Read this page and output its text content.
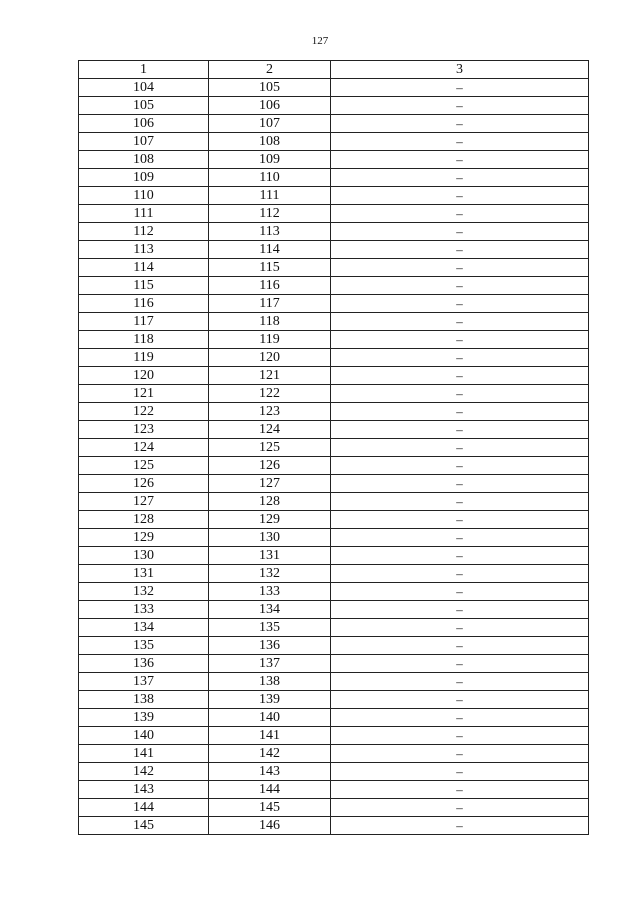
127
1	2	3
104	105	–
105	106	–
106	107	–
107	108	–
108	109	–
109	110	–
110	111	–
111	112	–
112	113	–
113	114	–
114	115	–
115	116	–
116	117	–
117	118	–
118	119	–
119	120	–
120	121	–
121	122	–
122	123	–
123	124	–
124	125	–
125	126	–
126	127	–
127	128	–
128	129	–
129	130	–
130	131	–
131	132	–
132	133	–
133	134	–
134	135	–
135	136	–
136	137	–
137	138	–
138	139	–
139	140	–
140	141	–
141	142	–
142	143	–
143	144	–
144	145	–
145	146	–
